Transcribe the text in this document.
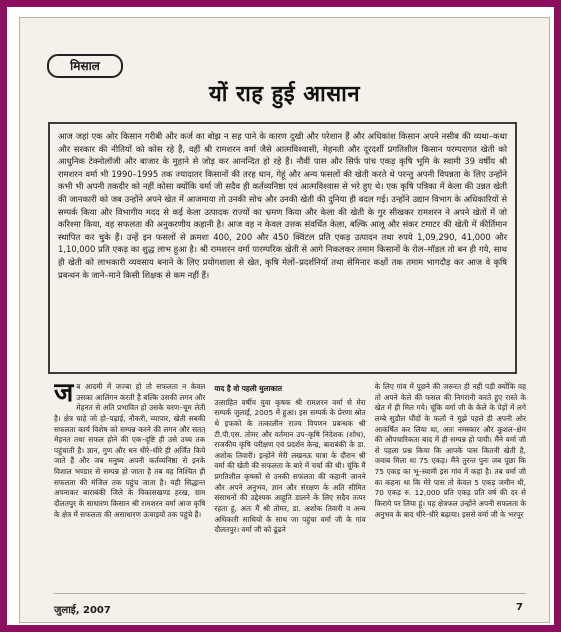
मिसाल
यों राह हुई आसान
आज जहां एक ओर किसान गरीबी और कर्ज का बोझ न सह पाने के कारण दुखी और परेशान हैं और अधिकांश किसान अपने नसीब की व्यथा–कथा और सरकार की नीतियों को कोस रहे हैं, वहीं श्री रामशरन वर्मा जैसे आत्मविश्वासी, मेहनती और दूरदर्शी प्रगतिशील किसान परम्परागत खेती को आधुनिक टेक्नोलॉजी और बाजार के मुहाने से जोड़ कर आनन्दित हो रहे हैं। नौवीं पास और सिर्फ पांच एकड़ कृषि भूमि के स्वामी 39 वर्षीय श्री रामशरन वर्मा भी 1990–1995 तक ज्यादातर किसानों की तरह धान, गेहूं और अन्य फसलों की खेती करते थे परन्तु अपनी विपन्नता के लिए उन्होंने कभी भी अपनी तकदीर को नहीं कोसा क्योंकि वर्मा जी सदैव ही कर्तव्यनिष्ठा एवं आत्मविश्वास से भरे हुए थे। एक कृषि पत्रिका में केला की उन्नत खेती की जानकारी को जब उन्होंने अपने खेत में आजमाया तो उनकी सोच और उनकी खेती की दुनिया ही बदल गई। उन्होंने उद्यान विभाग के अधिकारियों से सम्पर्क किया और विभागीय मदद से कई केला उत्पादक राज्यों का भ्रमण किया और केला की खेती के गुर सीखकर रामशरन ने अपने खेतों में जो करिश्मा किया, वह सफलता की अनुकरणीय कहानी है। आज वह न केवल उत्तक संवर्धित केला, बल्कि आलू और संकर टमाटर की खेती में कीर्तिमान स्थापित कर चुके हैं। उन्हें इन फसलों से क्रमशः 400, 200 और 450 क्विंटल प्रति एकड़ उत्पादन तथा रुपये 1,09,290, 41,000 और 1,10,000 प्रति एकड़ का शुद्ध लाभ हुआ है। श्री रामशरन वर्मा पारम्परिक खेती से आगे निकलकर तमाम किसानों के रोल–मॉडल तो बन ही गये, साथ ही खेती को लाभकारी व्यवसाय बनाने के लिए प्रयोगशाला से खेत, कृषि मेलों–प्रदर्शनियों तथा सेमिनार कक्षों तक तमाम भागदौड़ कर आज वे कृषि प्रबन्धन के जाने–माने किसी शिक्षक से कम नहीं हैं।
जब आदमी में जज्बा हो तो सफलता न केवल उसका आलिंगन करती है बल्कि उसकी लगन और मेहनत से अति प्रभावित हो उसके चरण–चूम लेती है। क्षेत्र चाहे जो हो–पढ़ाई, नौकरी, व्यापार, खेती सबकी सफलता कार्य विशेष को सम्पन्न करने की लगन और सतत् मेहनत तथा सफल होने की एक–दृष्टि ही उसे उच्च तक पहुंचाती है। ज्ञान, गुण और धन धीरे–धीरे ही अर्जित किये जाते हैं और जब मनुष्य अपनी कर्तव्यनिष्ठा से इनके विशाल भण्डार से सम्पन्न हो जाता है तब वह निश्चित ही सफलता की मंजिल तक पहुंच जाता है। यही सिद्धान्त अपनाकर बाराबंकी जिले के विकासखण्ड हरख, ग्राम दौलतपुर के साधारण किसान श्री रामशरन वर्मा आज कृषि के क्षेत्र में सफलता की असाधारण ऊंचाइयों तक पहुंचे हैं।
याद है वो पहली मुलाकात
उत्साहित वर्षीय युवा कृषक श्री रामशरन वर्मा से मेरा सम्पर्क जुलाई, 2005 में हुआ। इस सम्पर्क के प्रेरणा स्रोत थे इफको के तत्कालीन राज्य विपणन प्रबन्धक श्री टी.पी.एस. तोमर और वर्तमान उप–कृषि निदेशक (शोध), राजकीय कृषि परीक्षण एवं प्रदर्शन केन्द्र, बाराबंकी के डा. अशोक तिवारी। इन्होंने मेरी लखनऊ यात्रा के दौरान श्री वर्मा की खेती की सफलता के बारे में चर्चा की थी। चूंकि मैं प्रगतिशील कृषकों से उनकी सफलता की कहानी जानने और अपने अनुभव, ज्ञान और संरक्षण के अति सीमित संसाधनों की उद्देश्यक आहूति डालने के लिए सदैव तत्पर रहता हूं, अतः मैं श्री तोमर, डा. अशोक तिवारी व अन्य अधिकारी साथियों के साथ जा पहुंचा वर्मा जी के गांव दौलतपुर। वर्मा जी को ढूंढने
के लिए गांव में पूछने की जरूरत ही नहीं पड़ी क्योंकि वह तो अपने केले की फसल की निगरानी करते हुए रास्ते के खेत में ही मिल गये। चूंकि वर्मा जी के केले के पेड़ों में लगे लम्बे सुडौल घौंदों के फलों ने मुझे पहले ही अपनी ओर आकर्षित कर लिया था, अतः नमस्कार और कुशल–क्षेम की औपचारिकता बाद में ही सम्पन्न हो पायी। मैंने वर्मा जी से पहला प्रश्न किया कि आपके पास कितनी खेती है, जवाब मिला था 75 एकड़। मैंने तुरन्त पुनः जब पूछा कि 75 एकड़ का भू–स्वामी इस गांव में कहां है। तब वर्मा जी का कहना था कि मेरे पास तो केवल 5 एकड़ जमीन थी, 70 एकड़ रु. 12,000 प्रति एकड़ प्रति वर्ष की दर से किराये पर लिया हूं। यह क्षेत्रफल उन्होंने अपनी सफलता के अनुभव के बाद धीरे–धीरे बढ़ाया। इससे वर्मा जी के भरपूर
जुलाई, 2007	7
